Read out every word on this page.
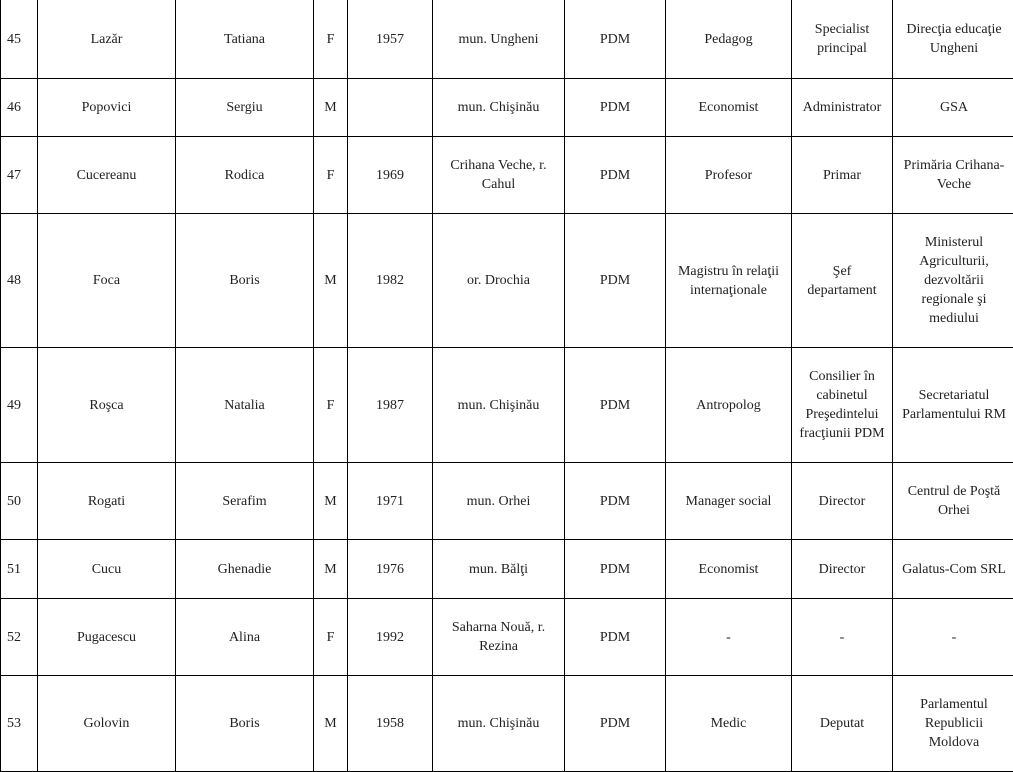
45	Lazăr	Tatiana	F	1957	mun. Ungheni	PDM	Pedagog	Specialist principal	Direcţia educaţie Ungheni
46	Popovici	Sergiu	M		mun. Chişinău	PDM	Economist	Administrator	GSA
47	Cucereanu	Rodica	F	1969	Crihana Veche, r. Cahul	PDM	Profesor	Primar	Primăria Crihana-Veche
48	Foca	Boris	M	1982	or. Drochia	PDM	Magistru în relaţii internaţionale	Şef departament	Ministerul Agriculturii, dezvoltării regionale şi mediului
49	Roşca	Natalia	F	1987	mun. Chişinău	PDM	Antropolog	Consilier în cabinetul Preşedintelui fracţiunii PDM	Secretariatul Parlamentului RM
50	Rogati	Serafim	M	1971	mun. Orhei	PDM	Manager social	Director	Centrul de Poştă Orhei
51	Cucu	Ghenadie	M	1976	mun. Bălţi	PDM	Economist	Director	Galatus-Com SRL
52	Pugacescu	Alina	F	1992	Saharna Nouă, r. Rezina	PDM	-	-	-
53	Golovin	Boris	M	1958	mun. Chişinău	PDM	Medic	Deputat	Parlamentul Republicii Moldova
